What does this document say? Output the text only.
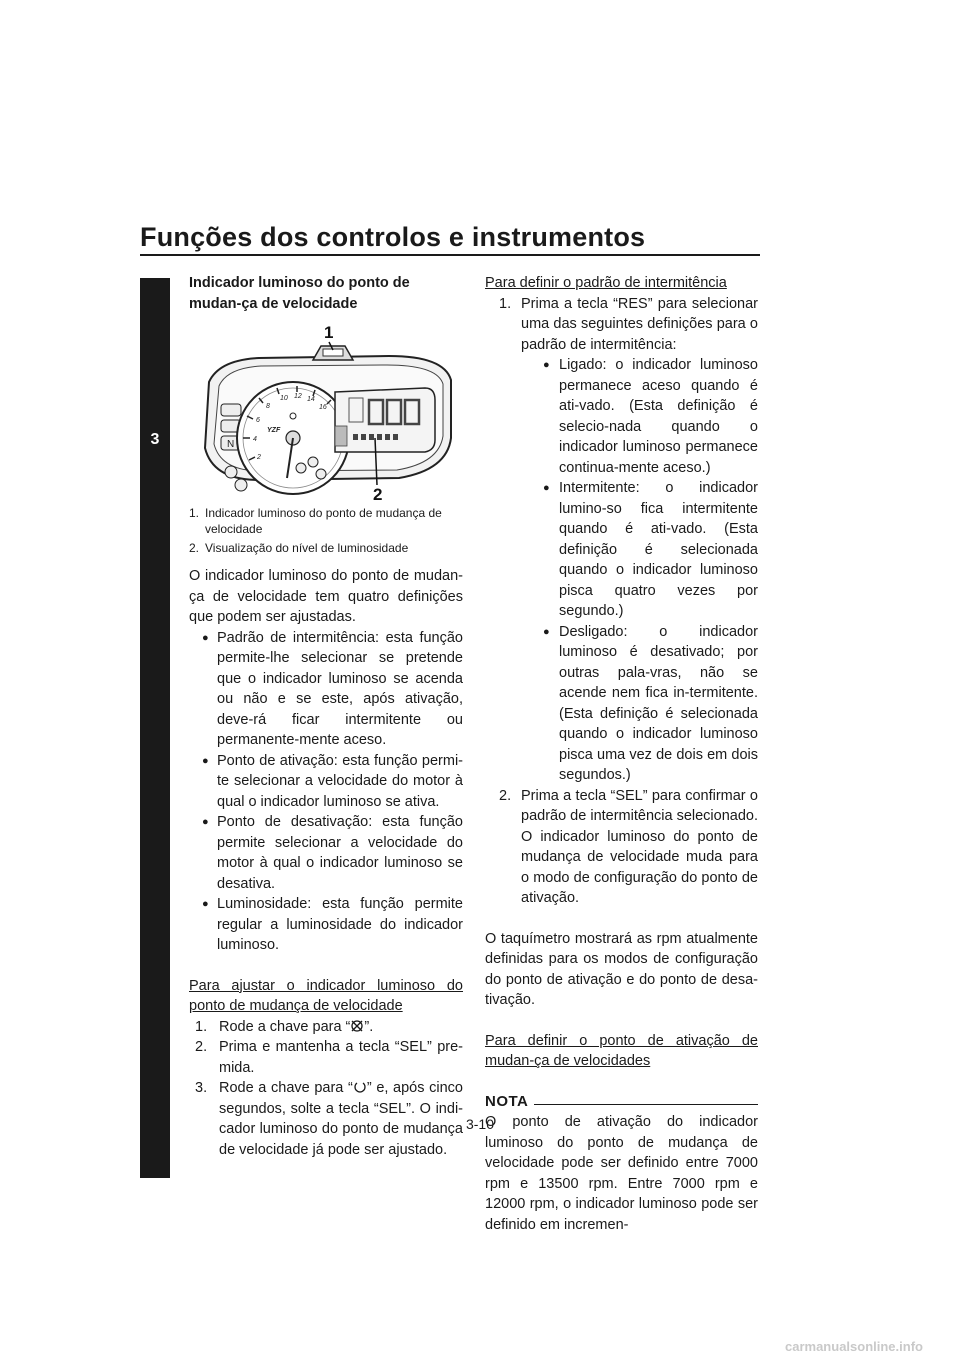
Funções dos controlos e instrumentos
3
Indicador luminoso do ponto de mudan-ça de velocidade
N
2
4
6
8
10 12 14
16
YZF
1
2
1. Indicador luminoso do ponto de mudança de velocidade
2. Visualização do nível de luminosidade

O indicador luminoso do ponto de mudan-ça de velocidade tem quatro definições que podem ser ajustadas.

● Padrão de intermitência: esta função permite-lhe selecionar se pretende que o indicador luminoso se acenda ou não e se este, após ativação, deve-rá ficar intermitente ou permanente-mente aceso.
● Ponto de ativação: esta função permi-te selecionar a velocidade do motor à qual o indicador luminoso se ativa.
● Ponto de desativação: esta função permite selecionar a velocidade do motor à qual o indicador luminoso se desativa.
● Luminosidade: esta função permite regular a luminosidade do indicador luminoso.

Para ajustar o indicador luminoso do ponto de mudança de velocidade

1. Rode a chave para “ ”.
2. Prima e mantenha a tecla “SEL” pre-mida.
3. Rode a chave para “ ” e, após cinco segundos, solte a tecla “SEL”. O indi-cador luminoso do ponto de mudança de velocidade já pode ser ajustado.

Para definir o padrão de intermitência

1. Prima a tecla “RES” para selecionar uma das seguintes definições para o padrão de intermitência:
● Ligado: o indicador luminoso permanece aceso quando é ati-vado. (Esta definição é selecio-nada quando o indicador luminoso permanece continua-mente aceso.)
● Intermitente: o indicador lumino-so fica intermitente quando é ati-vado. (Esta definição é selecionada quando o indicador luminoso pisca quatro vezes por segundo.)
● Desligado: o indicador luminoso é desativado; por outras pala-vras, não se acende nem fica in-termitente. (Esta definição é selecionada quando o indicador luminoso pisca uma vez de dois em dois segundos.)
2. Prima a tecla “SEL” para confirmar o padrão de intermitência selecionado. O indicador luminoso do ponto de mudança de velocidade muda para o modo de configuração do ponto de ativação.

O taquímetro mostrará as rpm atualmente definidas para os modos de configuração do ponto de ativação e do ponto de desa-tivação.

Para definir o ponto de ativação de mudan-ça de velocidades

NOTA

O ponto de ativação do indicador luminoso do ponto de mudança de velocidade pode ser definido entre 7000 rpm e 13500 rpm. Entre 7000 rpm e 12000 rpm, o indicador luminoso pode ser definido em incremen-

3-10
carmanualsonline.info
